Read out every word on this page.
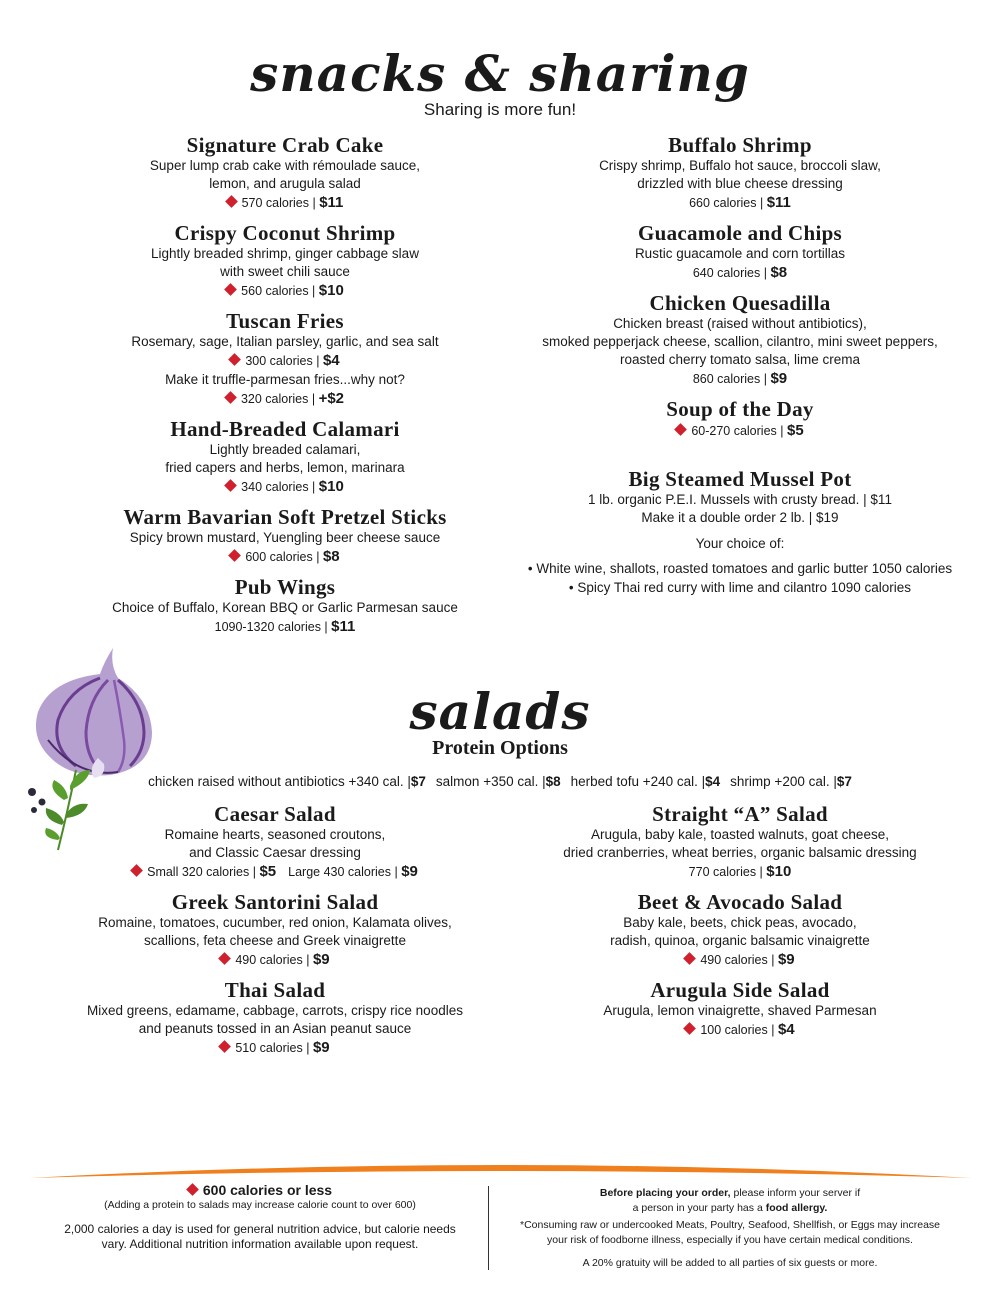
snacks & sharing
Sharing is more fun!
Signature Crab Cake
Super lump crab cake with rémoulade sauce,
lemon, and arugula salad
570 calories | $11
Crispy Coconut Shrimp
Lightly breaded shrimp, ginger cabbage slaw
with sweet chili sauce
560 calories | $10
Tuscan Fries
Rosemary, sage, Italian parsley, garlic, and sea salt
300 calories | $4
Make it truffle-parmesan fries...why not?
320 calories | +$2
Hand-Breaded Calamari
Lightly breaded calamari,
fried capers and herbs, lemon, marinara
340 calories | $10
Warm Bavarian Soft Pretzel Sticks
Spicy brown mustard, Yuengling beer cheese sauce
600 calories | $8
Pub Wings
Choice of Buffalo, Korean BBQ or Garlic Parmesan sauce
1090-1320 calories | $11
Buffalo Shrimp
Crispy shrimp, Buffalo hot sauce, broccoli slaw,
drizzled with blue cheese dressing
660 calories | $11
Guacamole and Chips
Rustic guacamole and corn tortillas
640 calories | $8
Chicken Quesadilla
Chicken breast (raised without antibiotics),
smoked pepperjack cheese, scallion, cilantro, mini sweet peppers,
roasted cherry tomato salsa, lime crema
860 calories | $9
Soup of the Day
60-270 calories | $5
Big Steamed Mussel Pot
1 lb. organic P.E.I. Mussels with crusty bread. | $11
Make it a double order 2 lb. | $19
Your choice of:
• White wine, shallots, roasted tomatoes and garlic butter 1050 calories
• Spicy Thai red curry with lime and cilantro 1090 calories
salads
Protein Options
chicken raised without antibiotics +340 cal. |$7 salmon +350 cal. |$8 herbed tofu +240 cal. |$4 shrimp +200 cal. |$7
Caesar Salad
Romaine hearts, seasoned croutons,
and Classic Caesar dressing
Small 320 calories | $5 Large 430 calories | $9
Greek Santorini Salad
Romaine, tomatoes, cucumber, red onion, Kalamata olives,
scallions, feta cheese and Greek vinaigrette
490 calories | $9
Thai Salad
Mixed greens, edamame, cabbage, carrots, crispy rice noodles
and peanuts tossed in an Asian peanut sauce
510 calories | $9
Straight “A” Salad
Arugula, baby kale, toasted walnuts, goat cheese,
dried cranberries, wheat berries, organic balsamic dressing
770 calories | $10
Beet & Avocado Salad
Baby kale, beets, chick peas, avocado,
radish, quinoa, organic balsamic vinaigrette
490 calories | $9
Arugula Side Salad
Arugula, lemon vinaigrette, shaved Parmesan
100 calories | $4
600 calories or less
(Adding a protein to salads may increase calorie count to over 600)
2,000 calories a day is used for general nutrition advice, but calorie needs vary. Additional nutrition information available upon request.
Before placing your order, please inform your server if
a person in your party has a food allergy.
*Consuming raw or undercooked Meats, Poultry, Seafood, Shellfish, or Eggs may increase your risk of foodborne illness, especially if you have certain medical conditions.
A 20% gratuity will be added to all parties of six guests or more.
